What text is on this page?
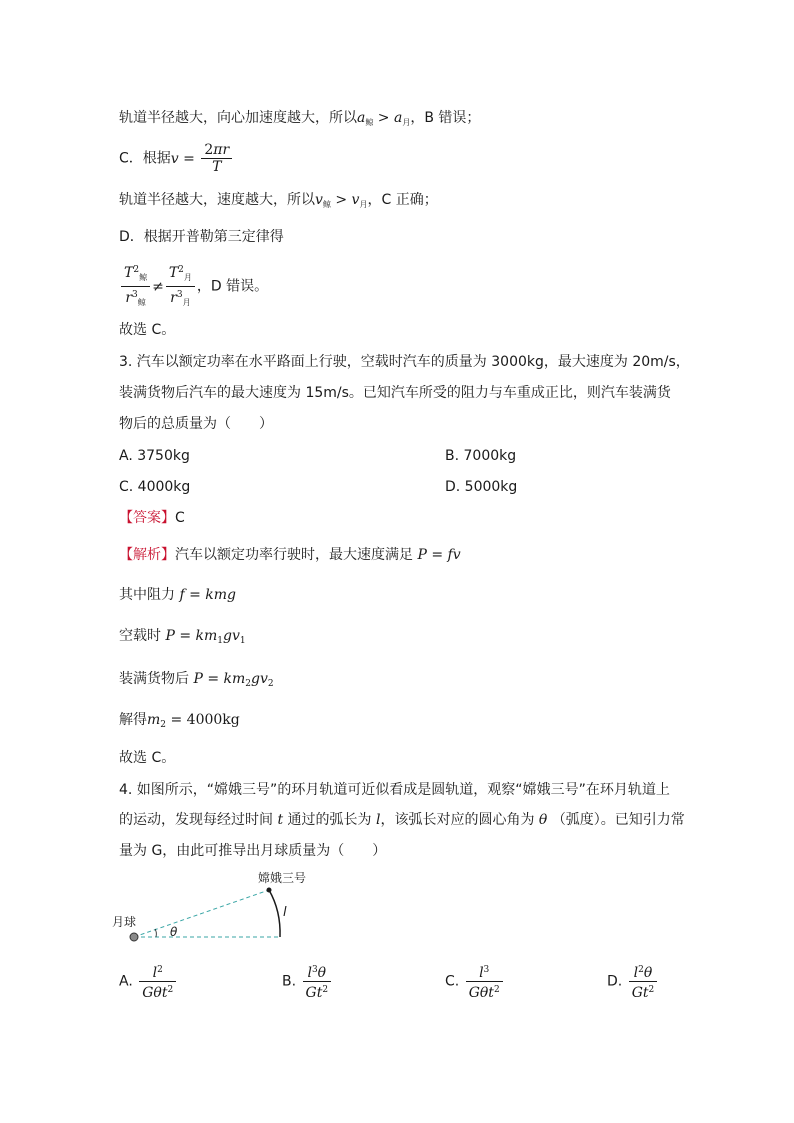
轨道半径越大，向心加速度越大，所以$a_鲸 > a_月$，B 错误；
C．根据$v = \frac{2\pi r}{T}$
轨道半径越大，速度越大，所以$v_鲸 > v_月$，C 正确；
D．根据开普勒第三定律得
$\frac{T^2_鲸}{r^3_鲸} \ne \frac{T^2_月}{r^3_月}$ ，D 错误。
故选 C。
3. 汽车以额定功率在水平路面上行驶，空载时汽车的质量为 3000kg，最大速度为 20m/s，
装满货物后汽车的最大速度为 15m/s。已知汽车所受的阻力与车重成正比，则汽车装满货
物后的总质量为（　　）
A. 3750kg	B. 7000kg
C. 4000kg	D. 5000kg
【答案】C
【解析】汽车以额定功率行驶时，最大速度满足 P = fv
其中阻力 f = kmg
空载时 $P = km_1gv_1$
装满货物后 $P = km_2gv_2$
解得$m_2 = 4000kg$
故选 C。
4. 如图所示，“嫦娥三号”的环月轨道可近似看成是圆轨道，观察“嫦娥三号”在环月轨道上
的运动，发现每经过时间 t 通过的弧长为 l，该弧长对应的圆心角为 θ （弧度）。已知引力常
量为 G，由此可推导出月球质量为（　　）
月球
嫦娥三号
l
θ
A. $\frac{l^2}{G\theta t^2}$	B. $\frac{l^3\theta}{Gt^2}$	C. $\frac{l^3}{G\theta t^2}$	D. $\frac{l^2\theta}{Gt^2}$
